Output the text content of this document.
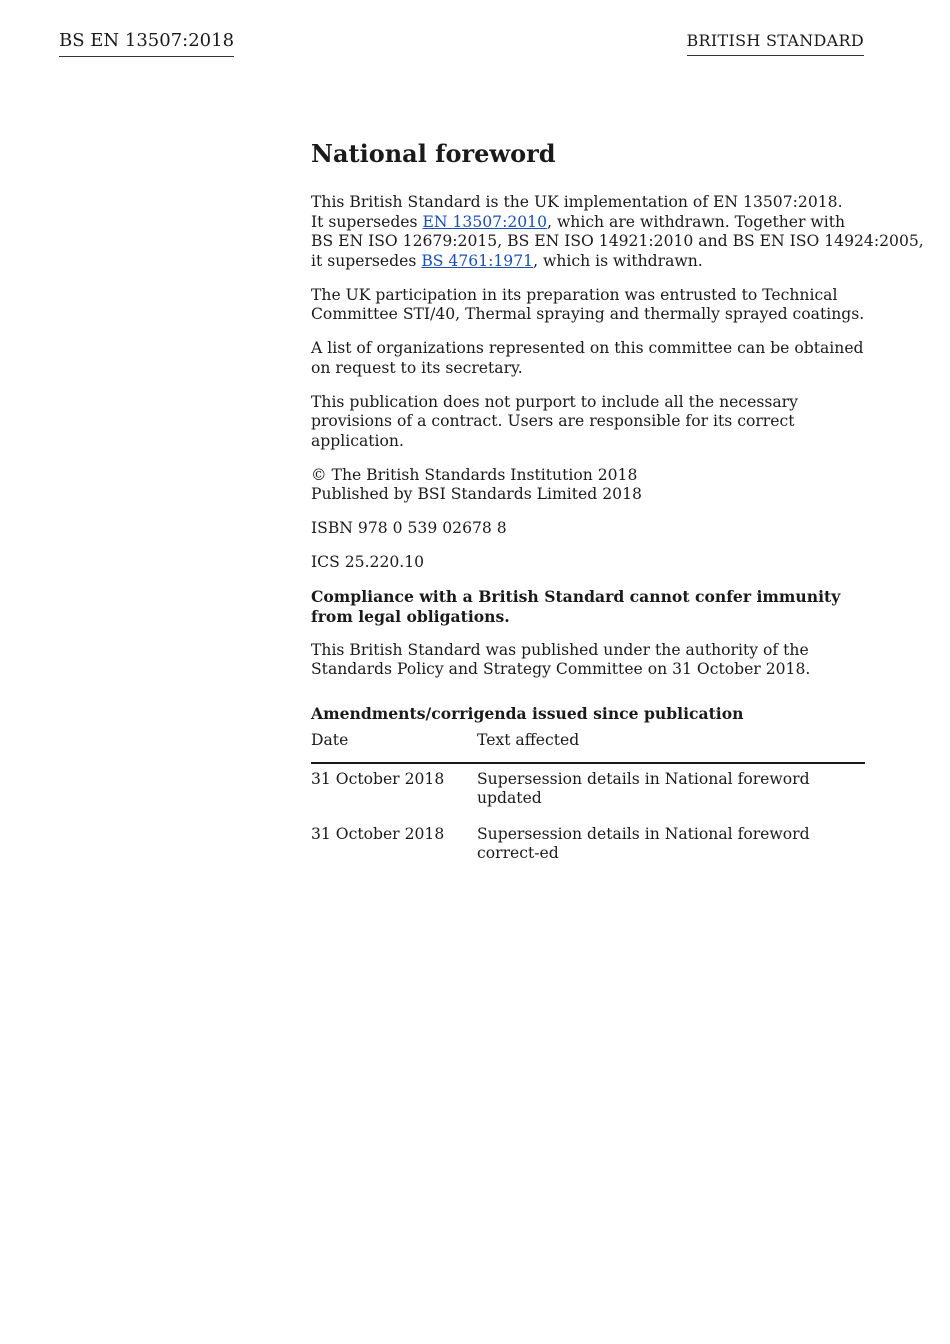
BS EN 13507:2018	BRITISH STANDARD
National foreword

This British Standard is the UK implementation of EN 13507:2018.
It supersedes EN 13507:2010, which are withdrawn. Together with
BS EN ISO 12679:2015, BS EN ISO 14921:2010 and BS EN ISO 14924:2005,
it supersedes BS 4761:1971, which is withdrawn.

The UK participation in its preparation was entrusted to Technical Committee STI/40, Thermal spraying and thermally sprayed coatings.

A list of organizations represented on this committee can be obtained on request to its secretary.

This publication does not purport to include all the necessary provisions of a contract. Users are responsible for its correct application.

© The British Standards Institution 2018
Published by BSI Standards Limited 2018

ISBN 978 0 539 02678 8

ICS 25.220.10

Compliance with a British Standard cannot confer immunity from legal obligations.

This British Standard was published under the authority of the Standards Policy and Strategy Committee on 31 October 2018.

Amendments/corrigenda issued since publication
Date	Text affected
31 October 2018	Supersession details in National foreword updated
31 October 2018	Supersession details in National foreword correct-ed
